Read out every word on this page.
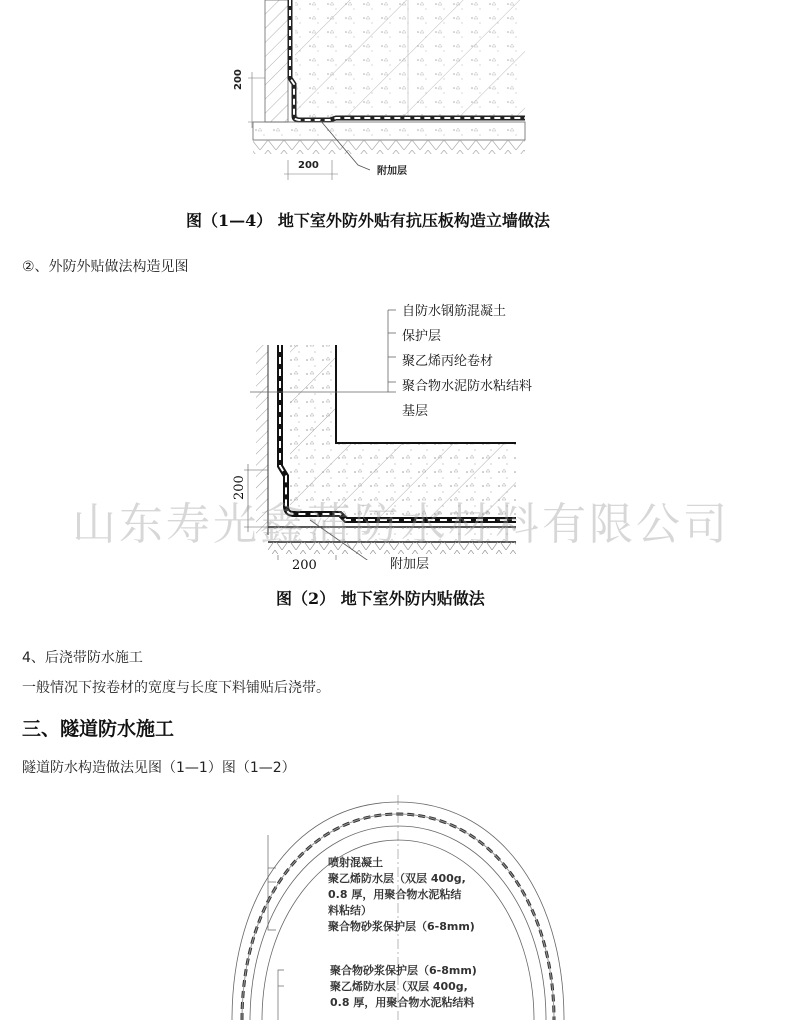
200
200
附加层
图（1—4） 地下室外防外贴有抗压板构造立墙做法
②、外防外贴做法构造见图
自防水钢筋混凝土
保护层
聚乙烯丙纶卷材
聚合物水泥防水粘结料
基层
200
200	附加层
图（2） 地下室外防内贴做法
山东寿光鑫蒲防水材料有限公司
4、后浇带防水施工
一般情况下按卷材的宽度与长度下料铺贴后浇带。
三、隧道防水施工
隧道防水构造做法见图（1—1）图（1—2）
喷射混凝土
聚乙烯防水层（双层 400g,
0.8 厚，用聚合物水泥粘结
料粘结）
聚合物砂浆保护层（6-8mm)
聚合物砂浆保护层（6-8mm)
聚乙烯防水层（双层 400g,
0.8 厚，用聚合物水泥粘结料
